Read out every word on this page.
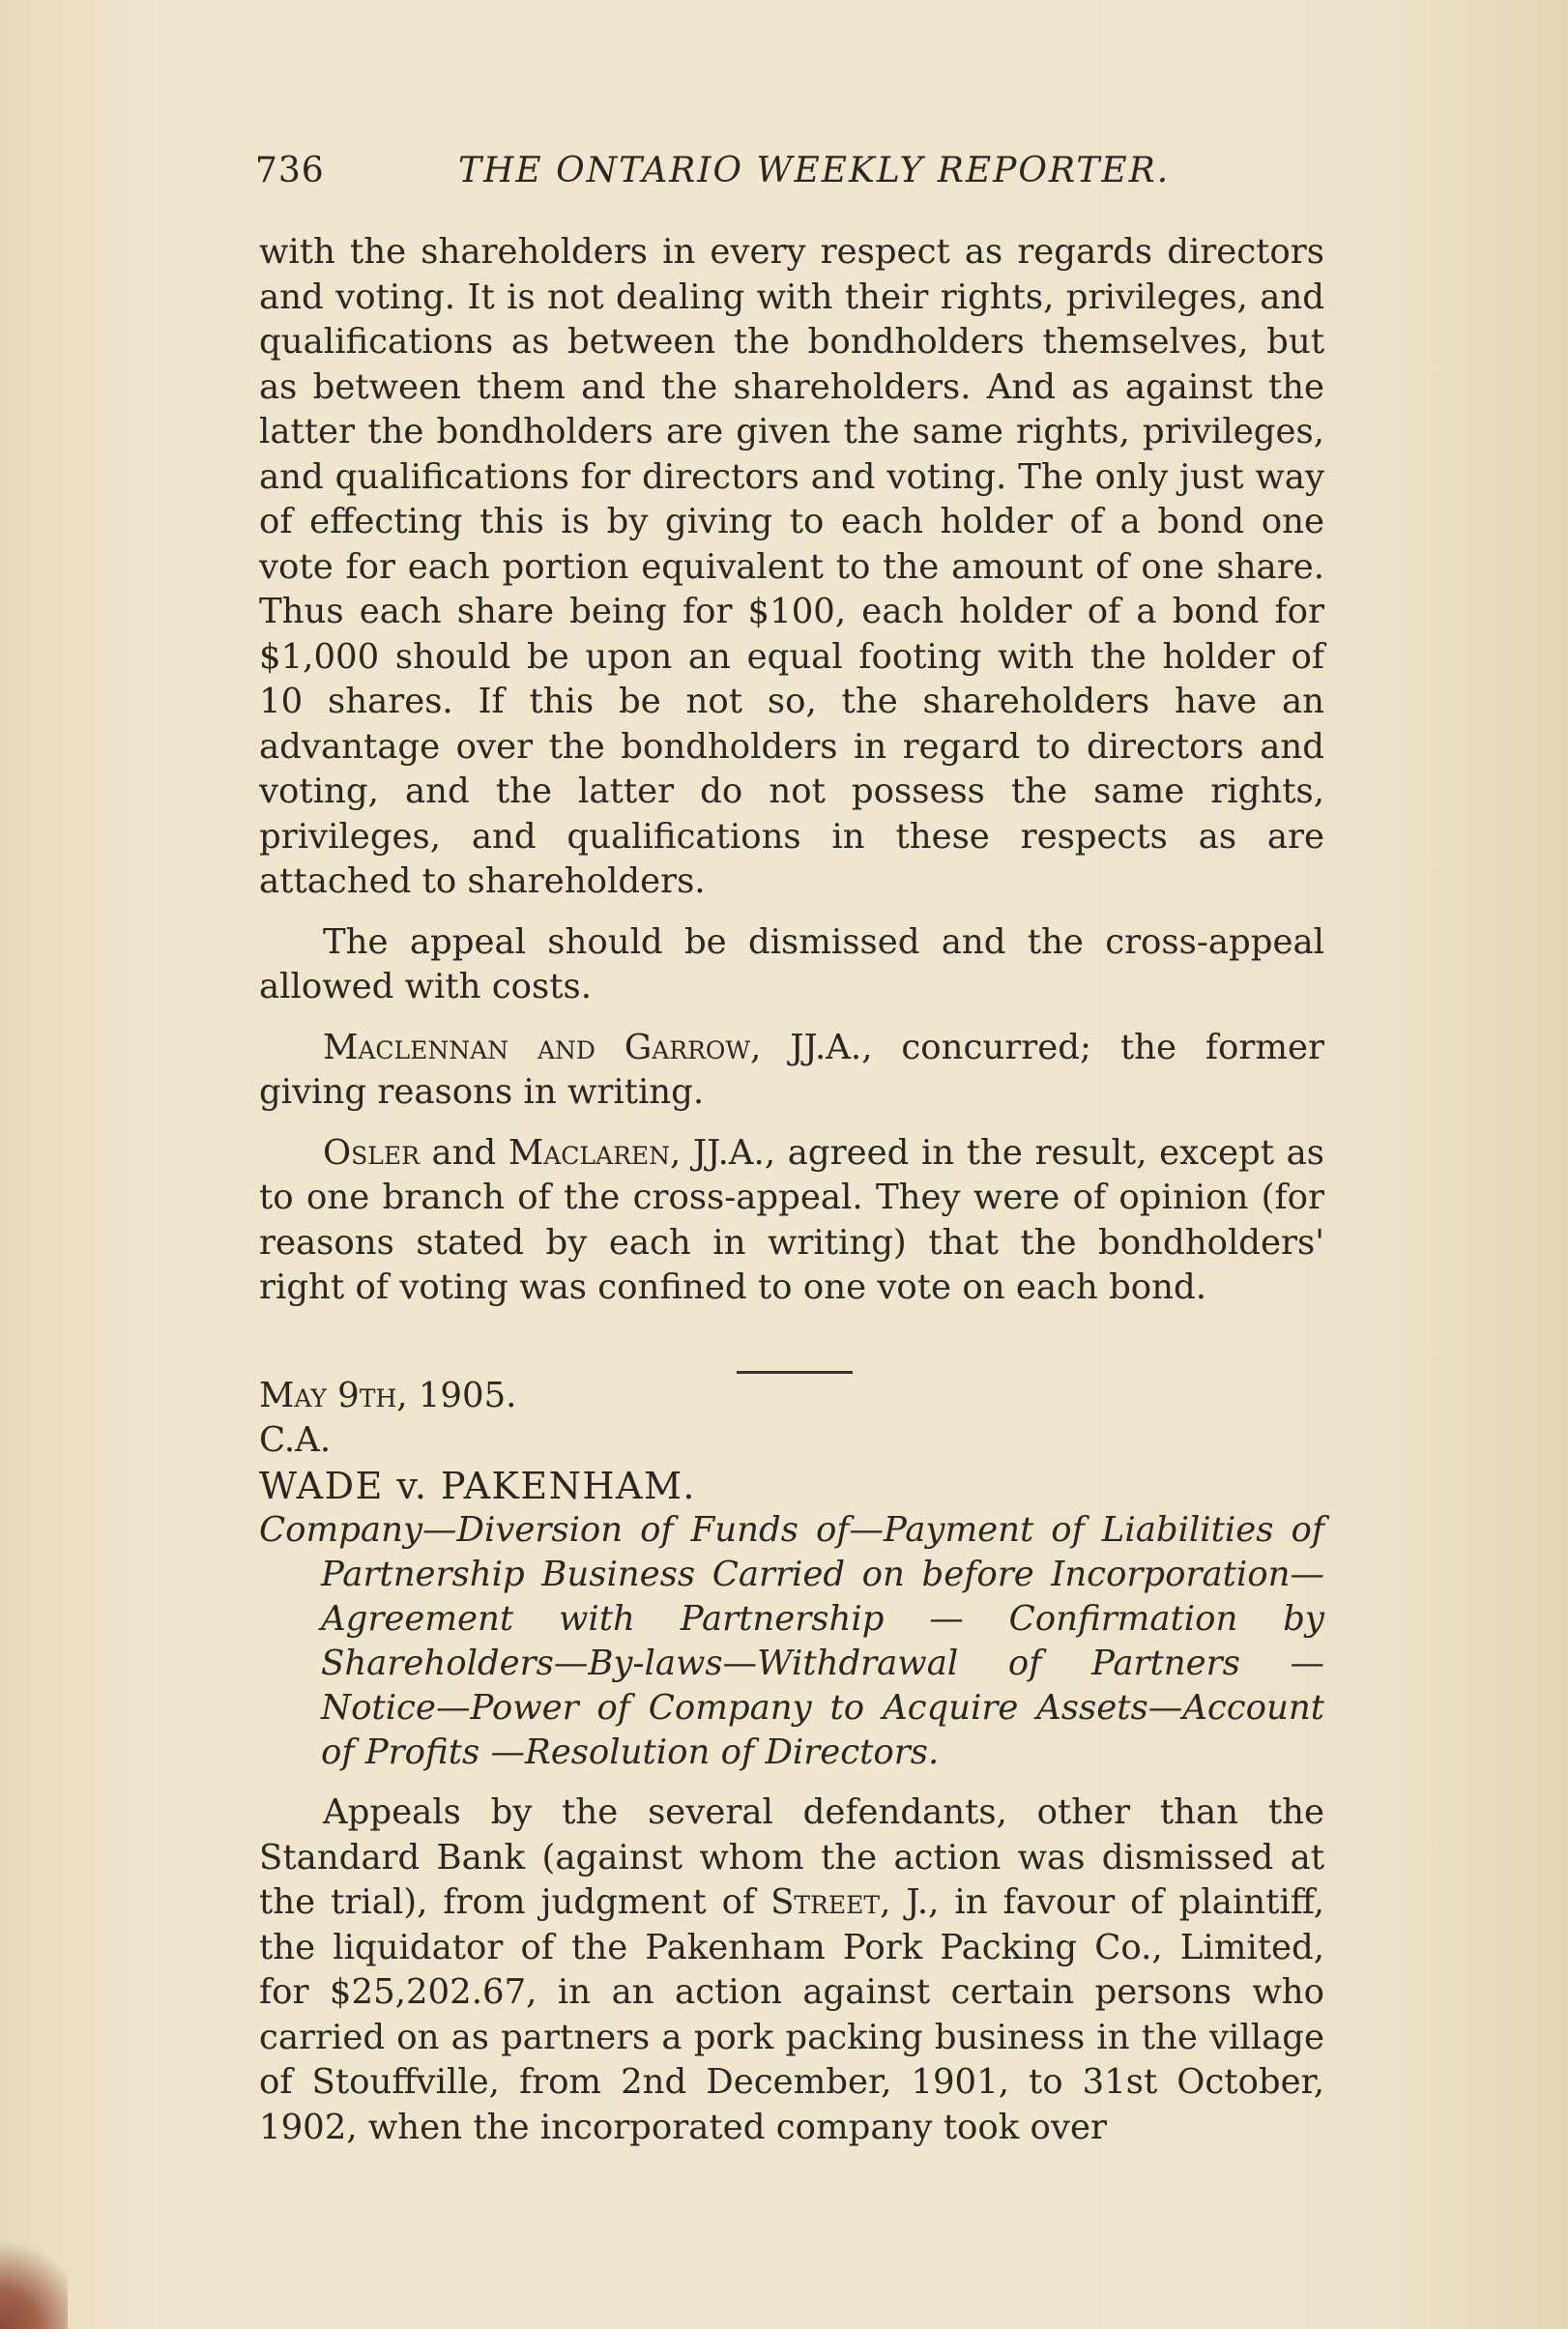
736	THE ONTARIO WEEKLY REPORTER.

with the shareholders in every respect as regards directors and voting. It is not dealing with their rights, privileges, and qualifications as between the bondholders themselves, but as between them and the shareholders. And as against the latter the bondholders are given the same rights, privileges, and qualifications for directors and voting. The only just way of effecting this is by giving to each holder of a bond one vote for each portion equivalent to the amount of one share. Thus each share being for $100, each holder of a bond for $1,000 should be upon an equal footing with the holder of 10 shares. If this be not so, the shareholders have an advantage over the bondholders in regard to directors and voting, and the latter do not possess the same rights, privileges, and qualifications in these respects as are attached to shareholders.

The appeal should be dismissed and the cross-appeal allowed with costs.

Maclennan and Garrow, JJ.A., concurred; the former giving reasons in writing.

Osler and Maclaren, JJ.A., agreed in the result, except as to one branch of the cross-appeal. They were of opinion (for reasons stated by each in writing) that the bondholders' right of voting was confined to one vote on each bond.

May 9th, 1905.

C.A.

WADE v. PAKENHAM.

Company—Diversion of Funds of—Payment of Liabilities of Partnership Business Carried on before Incorporation—Agreement with Partnership — Confirmation by Shareholders—By-laws—Withdrawal of Partners — Notice—Power of Company to Acquire Assets—Account of Profits —Resolution of Directors.

Appeals by the several defendants, other than the Standard Bank (against whom the action was dismissed at the trial), from judgment of Street, J., in favour of plaintiff, the liquidator of the Pakenham Pork Packing Co., Limited, for $25,202.67, in an action against certain persons who carried on as partners a pork packing business in the village of Stouffville, from 2nd December, 1901, to 31st October, 1902, when the incorporated company took over
